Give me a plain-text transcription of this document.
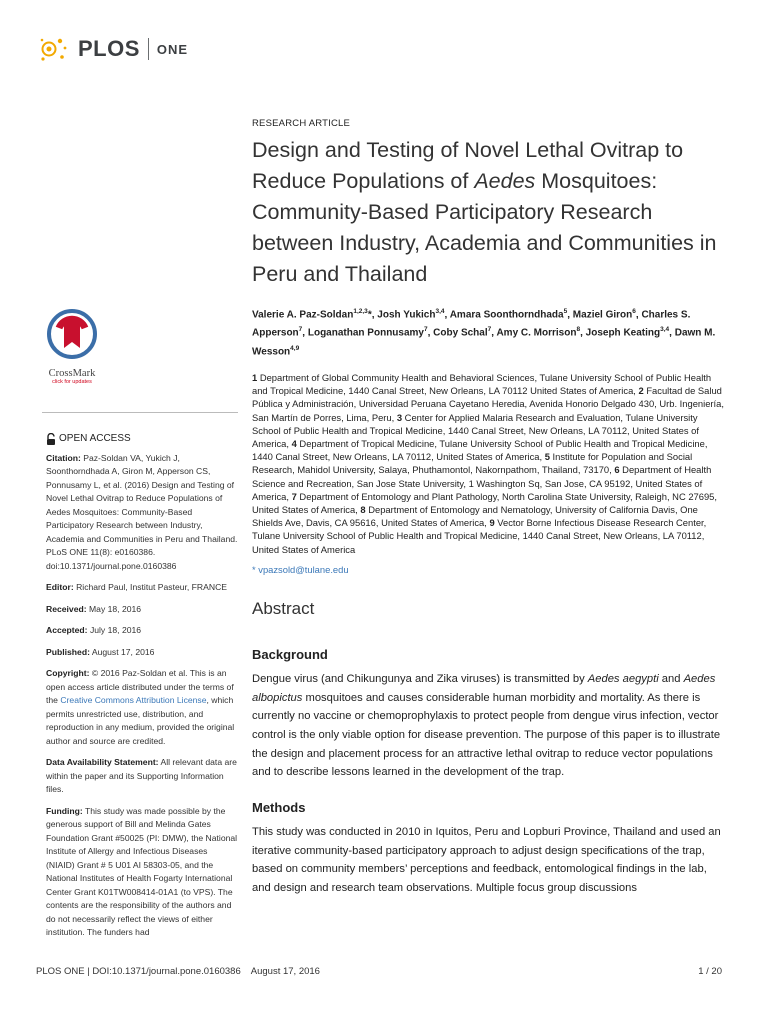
PLOS ONE
CrossMark
click for updates
OPEN ACCESS
Citation: Paz-Soldan VA, Yukich J, Soonthorndhada A, Giron M, Apperson CS, Ponnusamy L, et al. (2016) Design and Testing of Novel Lethal Ovitrap to Reduce Populations of Aedes Mosquitoes: Community-Based Participatory Research between Industry, Academia and Communities in Peru and Thailand. PLoS ONE 11(8): e0160386. doi:10.1371/journal.pone.0160386
Editor: Richard Paul, Institut Pasteur, FRANCE
Received: May 18, 2016
Accepted: July 18, 2016
Published: August 17, 2016
Copyright: © 2016 Paz-Soldan et al. This is an open access article distributed under the terms of the Creative Commons Attribution License, which permits unrestricted use, distribution, and reproduction in any medium, provided the original author and source are credited.
Data Availability Statement: All relevant data are within the paper and its Supporting Information files.
Funding: This study was made possible by the generous support of Bill and Melinda Gates Foundation Grant #50025 (PI: DMW), the National Institute of Allergy and Infectious Diseases (NIAID) Grant # 5 U01 AI 58303-05, and the National Institutes of Health Fogarty International Center Grant K01TW008414-01A1 (to VPS). The contents are the responsibility of the authors and do not necessarily reflect the views of either institution. The funders had
RESEARCH ARTICLE
Design and Testing of Novel Lethal Ovitrap to Reduce Populations of Aedes Mosquitoes: Community-Based Participatory Research between Industry, Academia and Communities in Peru and Thailand
Valerie A. Paz-Soldan$^{1,2,3}$*, Josh Yukich$^{3,4}$, Amara Soonthorndhada$^5$, Maziel Giron$^6$, Charles S. Apperson$^7$, Loganathan Ponnusamy$^7$, Coby Schal$^7$, Amy C. Morrison$^8$, Joseph Keating$^{3,4}$, Dawn M. Wesson$^{4,9}$
1 Department of Global Community Health and Behavioral Sciences, Tulane University School of Public Health and Tropical Medicine, 1440 Canal Street, New Orleans, LA 70112 United States of America, 2 Facultad de Salud Pública y Administración, Universidad Peruana Cayetano Heredia, Avenida Honorio Delgado 430, Urb. Ingeniería, San Martín de Porres, Lima, Peru, 3 Center for Applied Malaria Research and Evaluation, Tulane University School of Public Health and Tropical Medicine, 1440 Canal Street, New Orleans, LA 70112, United States of America, 4 Department of Tropical Medicine, Tulane University School of Public Health and Tropical Medicine, 1440 Canal Street, New Orleans, LA 70112, United States of America, 5 Institute for Population and Social Research, Mahidol University, Salaya, Phuthamontol, Nakornpathom, Thailand, 73170, 6 Department of Health Science and Recreation, San Jose State University, 1 Washington Sq, San Jose, CA 95192, United States of America, 7 Department of Entomology and Plant Pathology, North Carolina State University, Raleigh, NC 27695, United States of America, 8 Department of Entomology and Nematology, University of California Davis, One Shields Ave, Davis, CA 95616, United States of America, 9 Vector Borne Infectious Disease Research Center, Tulane University School of Public Health and Tropical Medicine, 1440 Canal Street, New Orleans, LA 70112, United States of America
* vpazsold@tulane.edu
Abstract
Background
Dengue virus (and Chikungunya and Zika viruses) is transmitted by Aedes aegypti and Aedes albopictus mosquitoes and causes considerable human morbidity and mortality. As there is currently no vaccine or chemoprophylaxis to protect people from dengue virus infection, vector control is the only viable option for disease prevention. The purpose of this paper is to illustrate the design and placement process for an attractive lethal ovitrap to reduce vector populations and to describe lessons learned in the development of the trap.
Methods
This study was conducted in 2010 in Iquitos, Peru and Lopburi Province, Thailand and used an iterative community-based participatory approach to adjust design specifications of the trap, based on community members’ perceptions and feedback, entomological findings in the lab, and design and research team observations. Multiple focus group discussions
PLOS ONE | DOI:10.1371/journal.pone.0160386    August 17, 2016	1 / 20
